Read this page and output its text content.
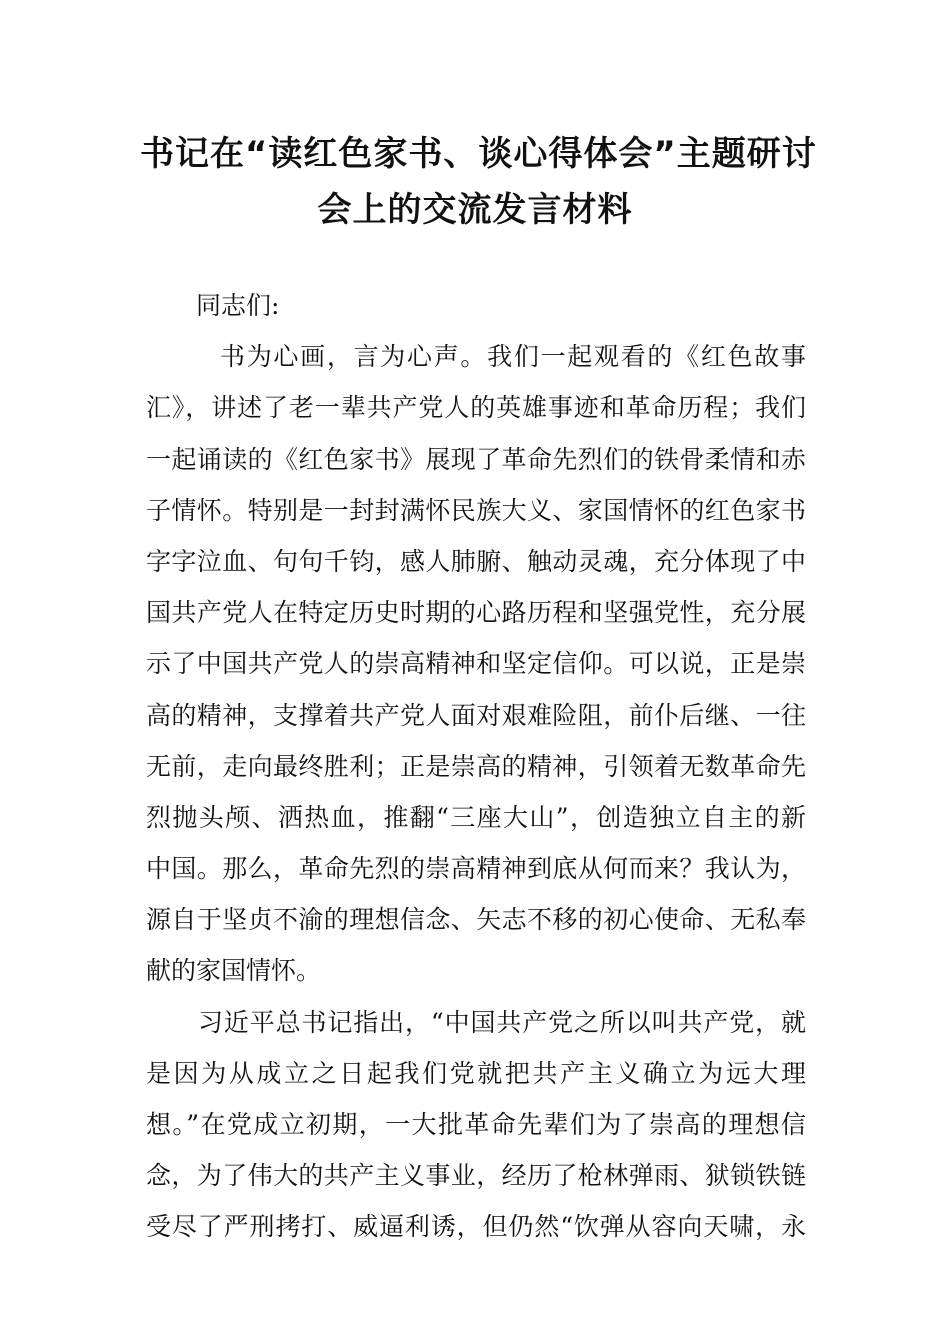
书记在“读红色家书、谈心得体会”主题研讨
会上的交流发言材料
同志们:
书为心画，言为心声。我们一起观看的《红色故事
汇》，讲述了老一辈共产党人的英雄事迹和革命历程；我们
一起诵读的《红色家书》展现了革命先烈们的铁骨柔情和赤
子情怀。特别是一封封满怀民族大义、家国情怀的红色家书
字字泣血、句句千钧，感人肺腑、触动灵魂，充分体现了中
国共产党人在特定历史时期的心路历程和坚强党性，充分展
示了中国共产党人的崇高精神和坚定信仰。可以说，正是崇
高的精神，支撑着共产党人面对艰难险阻，前仆后继、一往
无前，走向最终胜利；正是崇高的精神，引领着无数革命先
烈抛头颅、洒热血，推翻“三座大山”，创造独立自主的新
中国。那么，革命先烈的崇高精神到底从何而来？我认为，
源自于坚贞不渝的理想信念、矢志不移的初心使命、无私奉
献的家国情怀。
习近平总书记指出，“中国共产党之所以叫共产党，就
是因为从成立之日起我们党就把共产主义确立为远大理
想。”在党成立初期，一大批革命先辈们为了崇高的理想信
念，为了伟大的共产主义事业，经历了枪林弹雨、狱锁铁链
受尽了严刑拷打、威逼利诱，但仍然“饮弹从容向天啸，永
